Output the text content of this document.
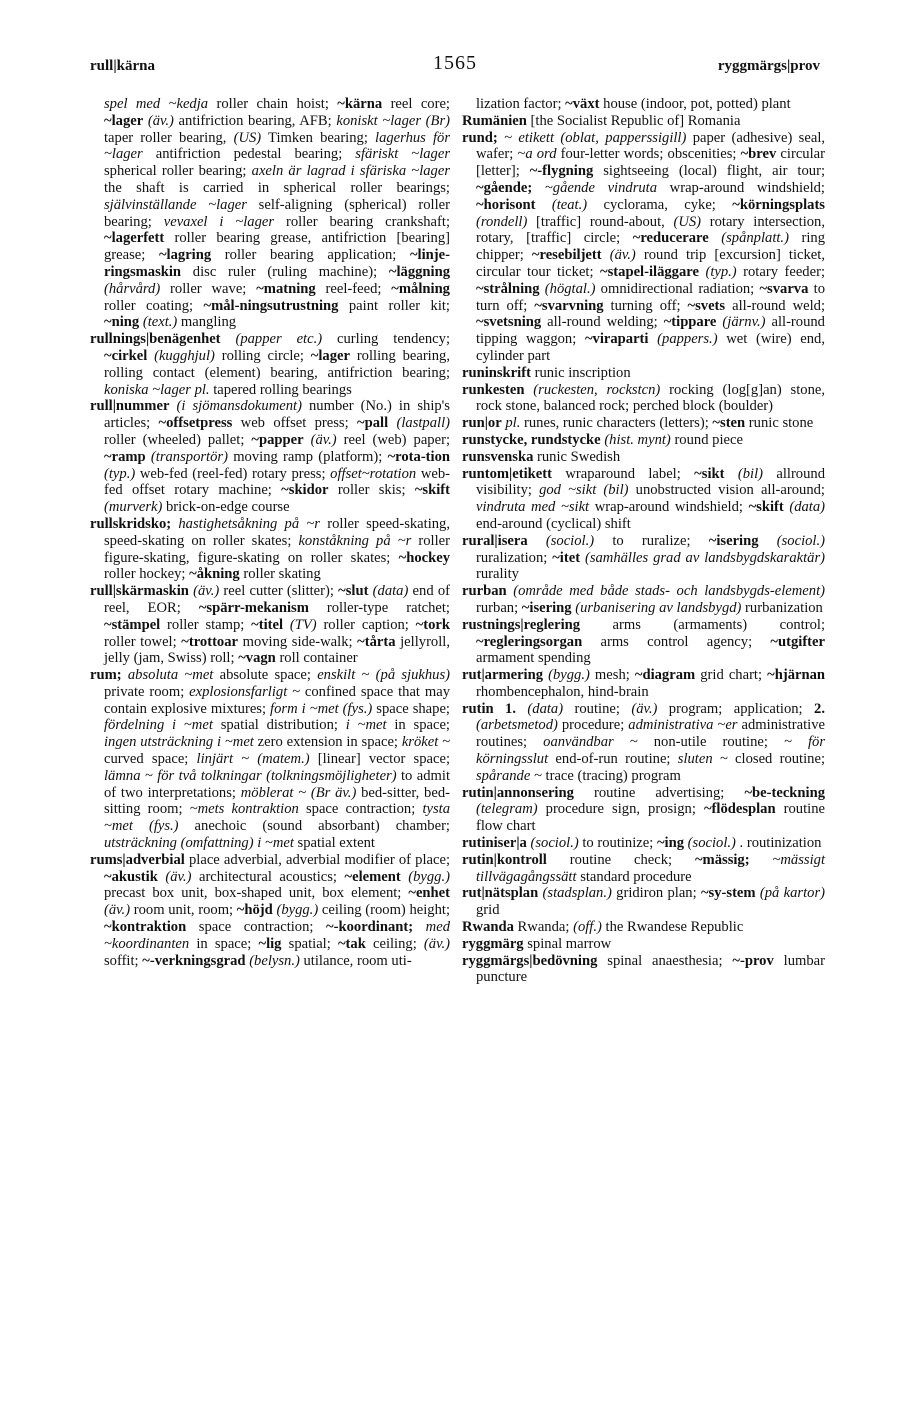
rull|kärna	1565	ryggmärgs|prov

spel med ~kedja roller chain hoist; ~kärna reel core; ~lager (äv.) antifriction bearing, AFB; koniskt ~lager (Br) taper roller bearing, (US) Timken bearing; lagerhus för ~lager antifriction pedestal bearing; sfäriskt ~lager spherical roller bearing; axeln är lagrad i sfäriska ~lager the shaft is carried in spherical roller bearings; självinställande ~lager self-aligning (spherical) roller bearing; vevaxel i ~lager roller bearing crankshaft; ~lagerfett roller bearing grease, antifriction [bearing] grease; ~lagring roller bearing application; ~linje-ringsmaskin disc ruler (ruling machine); ~läggning (hårvård) roller wave; ~matning reel-feed; ~målning roller coating; ~mål-ningsutrustning paint roller kit; ~ning (text.) mangling

rullnings|benägenhet (papper etc.) curling tendency; ~cirkel (kugghjul) rolling circle; ~lager rolling bearing, rolling contact (element) bearing, antifriction bearing; koniska ~lager pl. tapered rolling bearings

rull|nummer (i sjömansdokument) number (No.) in ship's articles; ~offsetpress web offset press; ~pall (lastpall) roller (wheeled) pallet; ~papper (äv.) reel (web) paper; ~ramp (transportör) moving ramp (platform); ~rota-tion (typ.) web-fed (reel-fed) rotary press; offset~rotation web-fed offset rotary machine; ~skidor roller skis; ~skift (murverk) brick-on-edge course

rullskridsko; hastighetsåkning på ~r roller speed-skating, speed-skating on roller skates; konståkning på ~r roller figure-skating, figure-skating on roller skates; ~hockey roller hockey; ~åkning roller skating

rull|skärmaskin (äv.) reel cutter (slitter); ~slut (data) end of reel, EOR; ~spärr-mekanism roller-type ratchet; ~stämpel roller stamp; ~titel (TV) roller caption; ~tork roller towel; ~trottoar moving side-walk; ~tårta jellyroll, jelly (jam, Swiss) roll; ~vagn roll container

rum; absoluta ~met absolute space; enskilt ~ (på sjukhus) private room; explosionsfarligt ~ confined space that may contain explosive mixtures; form i ~met (fys.) space shape; fördelning i ~met spatial distribution; i ~met in space; ingen utsträckning i ~met zero extension in space; kröket ~ curved space; linjärt ~ (matem.) [linear] vector space; lämna ~ för två tolkningar (tolkningsmöjligheter) to admit of two interpretations; möblerat ~ (Br äv.) bed-sitter, bed-sitting room; ~mets kontraktion space contraction; tysta ~met (fys.) anechoic (sound absorbant) chamber; utsträckning (omfattning) i ~met spatial extent

rums|adverbial place adverbial, adverbial modifier of place; ~akustik (äv.) architectural acoustics; ~element (bygg.) precast box unit, box-shaped unit, box element; ~enhet (äv.) room unit, room; ~höjd (bygg.) ceiling (room) height; ~kontraktion space contraction; ~-koordinant; med ~koordinanten in space; ~lig spatial; ~tak ceiling; (äv.) soffit; ~-verkningsgrad (belysn.) utilance, room uti-

lization factor; ~växt house (indoor, pot, potted) plant

Rumänien [the Socialist Republic of] Romania

rund; ~ etikett (oblat, papperssigill) paper (adhesive) seal, wafer; ~a ord four-letter words; obscenities; ~brev circular [letter]; ~-flygning sightseeing (local) flight, air tour; ~gående; ~gående vindruta wrap-around windshield; ~horisont (teat.) cyclorama, cyke; ~körningsplats (rondell) [traffic] round-about, (US) rotary intersection, rotary, [traffic] circle; ~reducerare (spånplatt.) ring chipper; ~resebiljett (äv.) round trip [excursion] ticket, circular tour ticket; ~stapel-iläggare (typ.) rotary feeder; ~strålning (högtal.) omnidirectional radiation; ~svarva to turn off; ~svarvning turning off; ~svets all-round weld; ~svetsning all-round welding; ~tippare (järnv.) all-round tipping waggon; ~viraparti (pappers.) wet (wire) end, cylinder part

runinskrift runic inscription

runkesten (ruckesten, rockstcn) rocking (log[g]an) stone, rock stone, balanced rock; perched block (boulder)

run|or pl. runes, runic characters (letters); ~sten runic stone

runstycke, rundstycke (hist. mynt) round piece

runsvenska runic Swedish

runtom|etikett wraparound label; ~sikt (bil) allround visibility; god ~sikt (bil) unobstructed vision all-around; vindruta med ~sikt wrap-around windshield; ~skift (data) end-around (cyclical) shift

rural|isera (sociol.) to ruralize; ~isering (sociol.) ruralization; ~itet (samhälles grad av landsbygdskaraktär) rurality

rurban (område med både stads- och landsbygds-element) rurban; ~isering (urbanisering av landsbygd) rurbanization

rustnings|reglering arms (armaments) control; ~regleringsorgan arms control agency; ~utgifter armament spending

rut|armering (bygg.) mesh; ~diagram grid chart; ~hjärnan rhombencephalon, hind-brain

rutin 1. (data) routine; (äv.) program; application; 2. (arbetsmetod) procedure; administrativa ~er administrative routines; oanvändbar ~ non-utile routine; ~ för körningsslut end-of-run routine; sluten ~ closed routine; spårande ~ trace (tracing) program

rutin|annonsering routine advertising; ~be-teckning (telegram) procedure sign, prosign; ~flödesplan routine flow chart

rutiniser|a (sociol.) to routinize; ~ing (sociol.) . routinization

rutin|kontroll routine check; ~mässig; ~mässigt tillvägagångssätt standard procedure

rut|nätsplan (stadsplan.) gridiron plan; ~sy-stem (på kartor) grid

Rwanda Rwanda; (off.) the Rwandese Republic

ryggmärg spinal marrow

ryggmärgs|bedövning spinal anaesthesia; ~-prov lumbar puncture
